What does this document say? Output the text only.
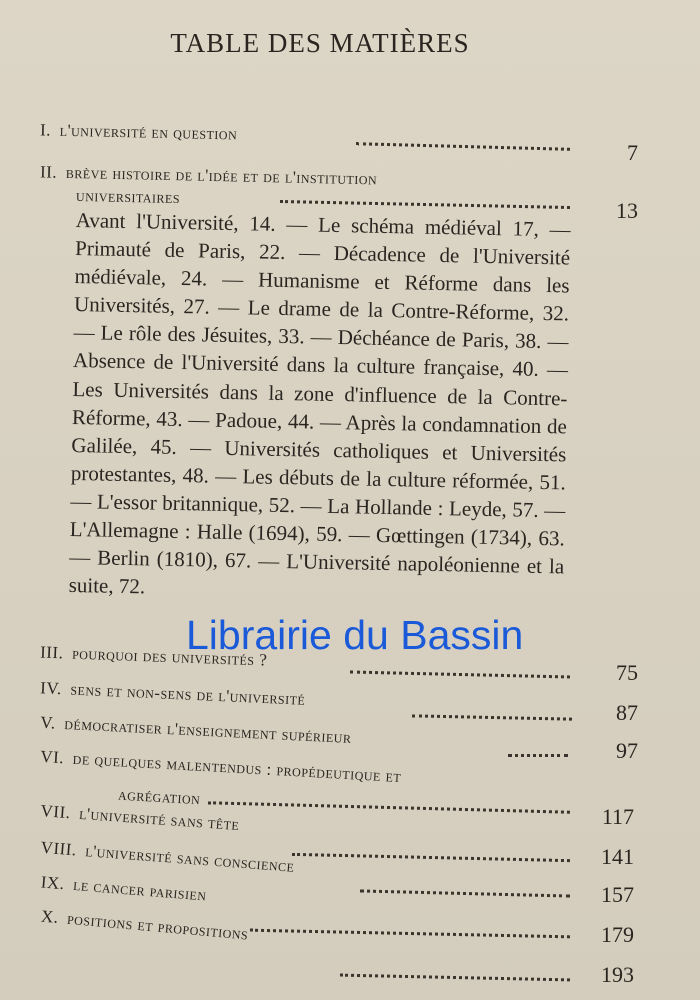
TABLE DES MATIÈRES
I. l'université en question
7
II. brève histoire de l'idée et de l'institution
universitaires
13
Avant l'Université, 14. — Le schéma médiéval 17, — Primauté de Paris, 22. — Décadence de l'Université médiévale, 24. — Humanisme et Réforme dans les Universités, 27. — Le drame de la Contre-Réforme, 32. — Le rôle des Jésuites, 33. — Déchéance de Paris, 38. — Absence de l'Université dans la culture française, 40. — Les Universités dans la zone d'influence de la Contre-Réforme, 43. — Padoue, 44. — Après la condamnation de Galilée, 45. — Universités catholiques et Universités protestantes, 48. — Les débuts de la culture réformée, 51. — L'essor britannique, 52. — La Hollande : Leyde, 57. — L'Allemagne : Halle (1694), 59. — Gœttingen (1734), 63. — Berlin (1810), 67. — L'Université napoléonienne et la suite, 72.
Librairie du Bassin
III. pourquoi des universités ?
75
IV. sens et non-sens de l'université
87
V. démocratiser l'enseignement supérieur
97
VI. de quelques malentendus : propédeutique et
agrégation
117
VII. l'université sans tête
141
VIII. l'université sans conscience
157
IX. le cancer parisien
179
X. positions et propositions
193
